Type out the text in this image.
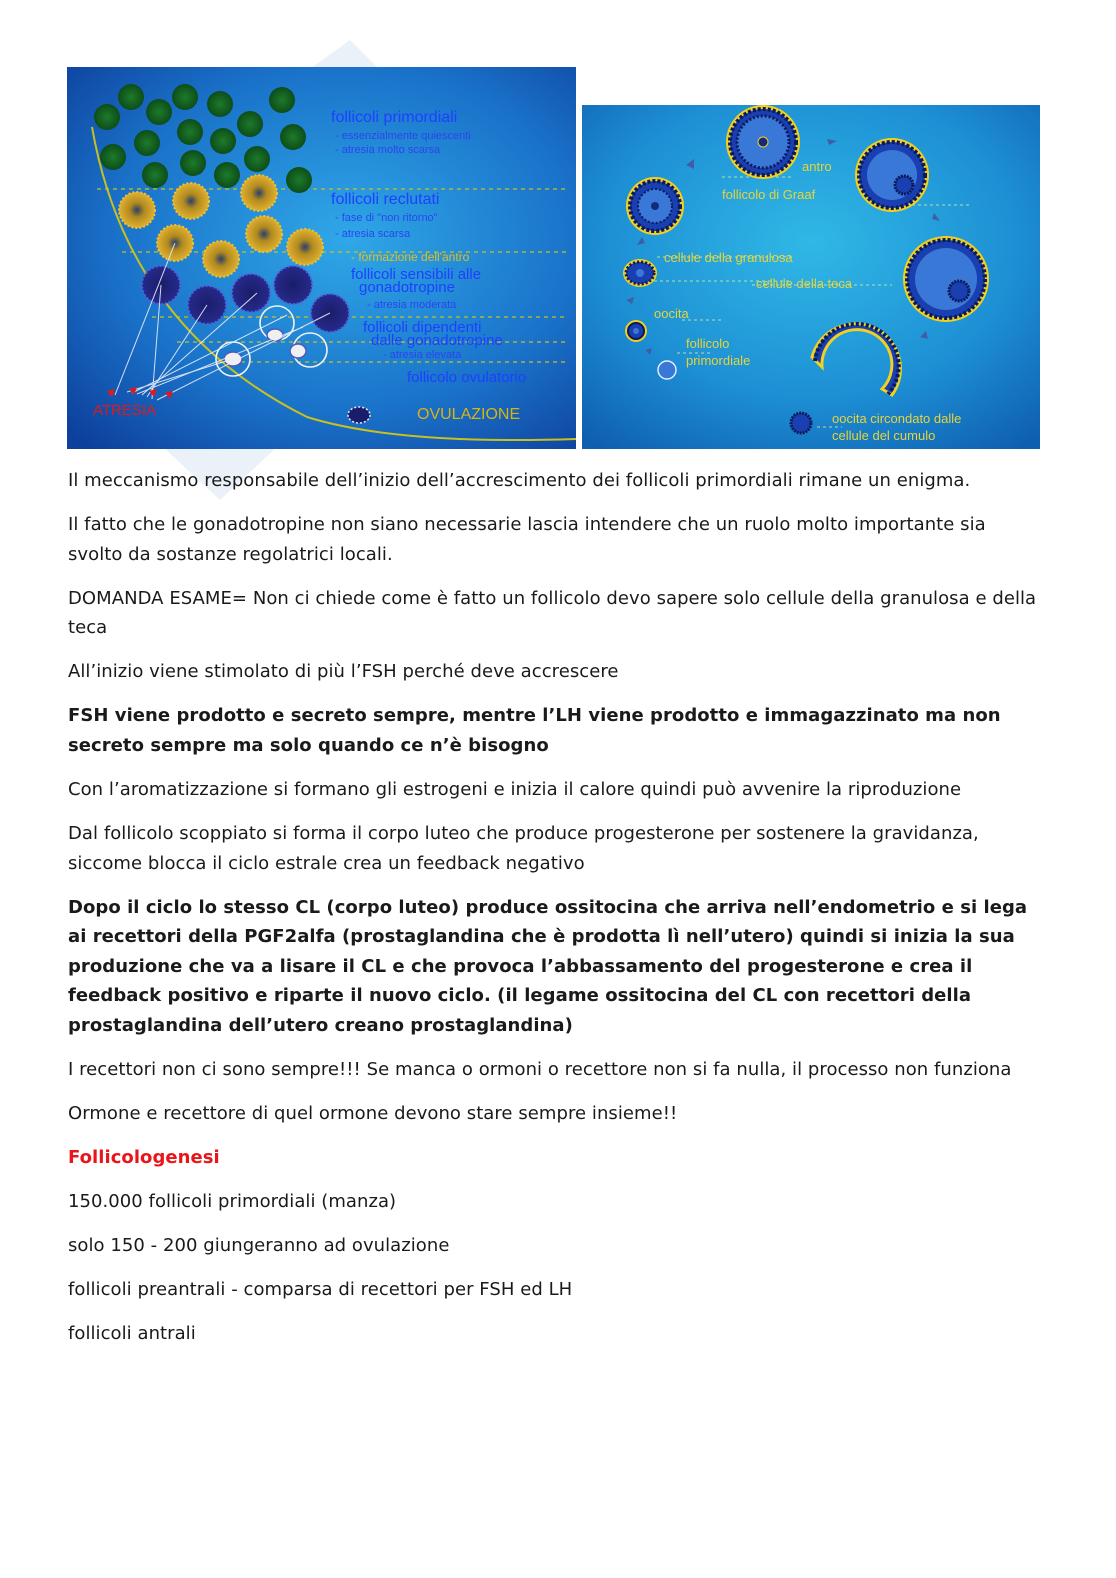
follicoli primordiali
- essenzialmente quiescenti
- atresia molto scarsa
follicoli reclutati
- fase di "non ritorno"
- atresia scarsa
- formazione dell'antro
follicoli sensibili alle
gonadotropine
- atresia moderata
follicoli dipendenti
dalle gonadotropine
- atresia elevata
follicolo ovulatorio
ATRESIA	OVULAZIONE
antro
follicolo di Graaf
cellule della granulosa
cellule della teca
oocita
follicolo
primordiale
oocita circondato dalle
cellule del cumulo

Il meccanismo responsabile dell’inizio dell’accrescimento dei follicoli primordiali rimane un enigma.

Il fatto che le gonadotropine non siano necessarie lascia intendere che un ruolo molto importante sia svolto da sostanze regolatrici locali.

DOMANDA ESAME= Non ci chiede come è fatto un follicolo devo sapere solo cellule della granulosa e della teca

All’inizio viene stimolato di più l’FSH perché deve accrescere

FSH viene prodotto e secreto sempre, mentre l’LH viene prodotto e immagazzinato ma non secreto sempre ma solo quando ce n’è bisogno

Con l’aromatizzazione si formano gli estrogeni e inizia il calore quindi può avvenire la riproduzione

Dal follicolo scoppiato si forma il corpo luteo che produce progesterone per sostenere la gravidanza, siccome blocca il ciclo estrale crea un feedback negativo

Dopo il ciclo lo stesso CL (corpo luteo) produce ossitocina che arriva nell’endometrio e si lega ai recettori della PGF2alfa (prostaglandina che è prodotta lì nell’utero) quindi si inizia la sua produzione che va a lisare il CL e che provoca l’abbassamento del progesterone e crea il feedback positivo e riparte il nuovo ciclo. (il legame ossitocina del CL con recettori della prostaglandina dell’utero creano prostaglandina)

I recettori non ci sono sempre!!! Se manca o ormoni o recettore non si fa nulla, il processo non funziona

Ormone e recettore di quel ormone devono stare sempre insieme!!

Follicologenesi

150.000 follicoli primordiali (manza)

solo 150 - 200 giungeranno ad ovulazione

follicoli preantrali - comparsa di recettori per FSH ed LH

follicoli antrali
